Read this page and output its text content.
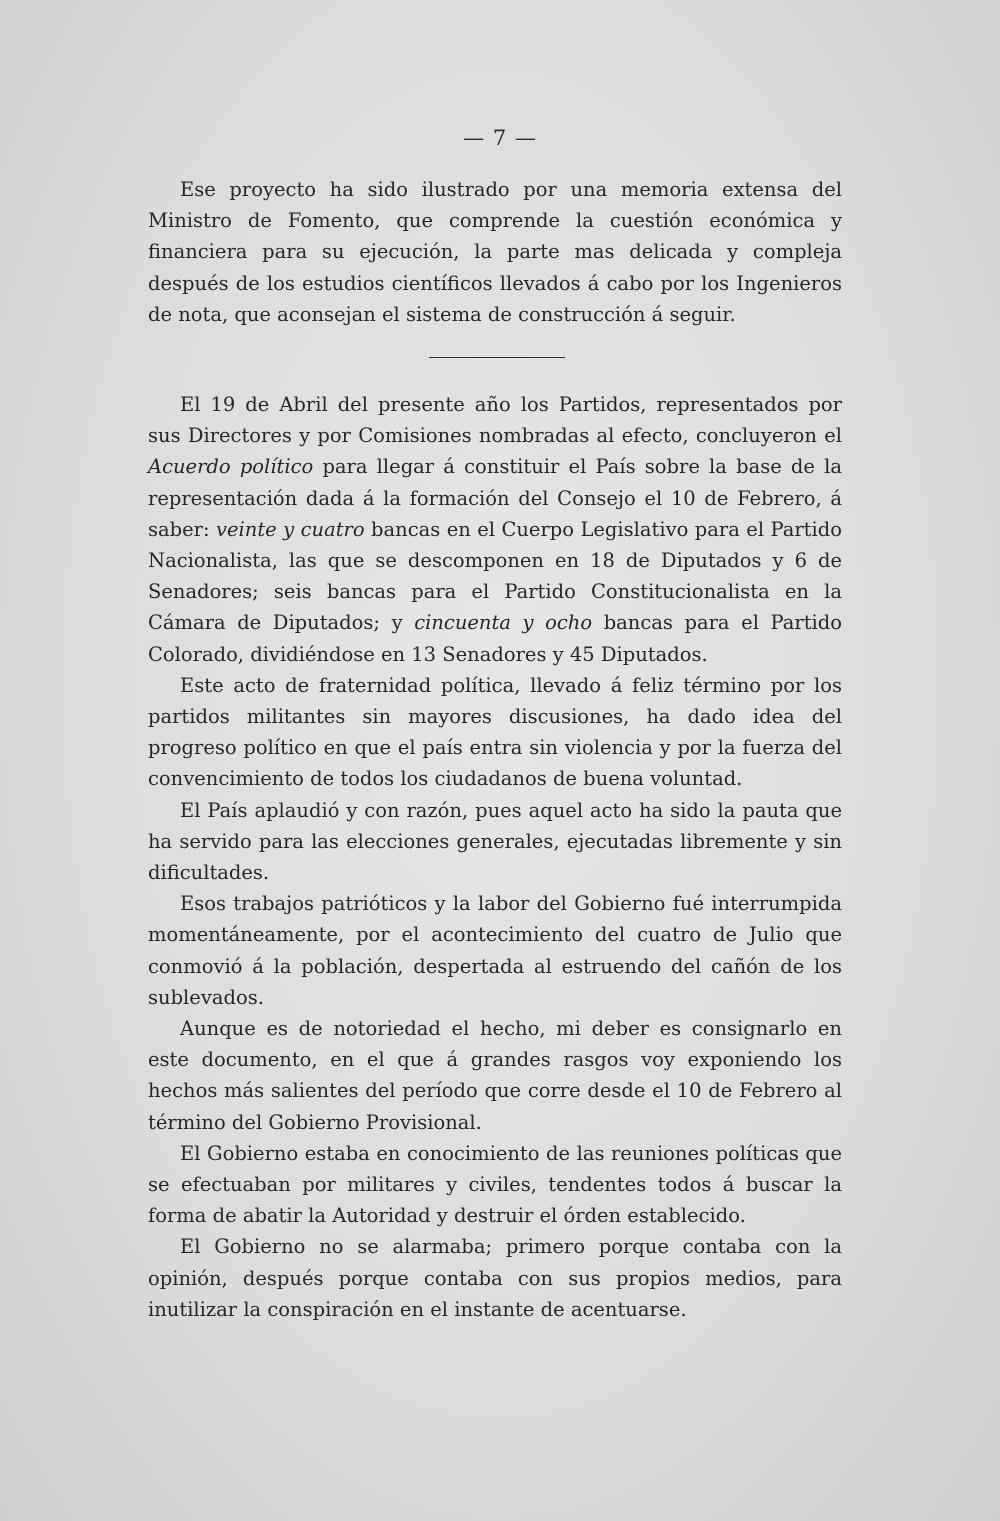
— 7 —

Ese proyecto ha sido ilustrado por una memoria extensa del Ministro de Fomento, que comprende la cuestión económica y financiera para su ejecución, la parte mas delicada y compleja después de los estudios científicos llevados á cabo por los Ingenieros de nota, que aconsejan el sistema de construcción á seguir.

El 19 de Abril del presente año los Partidos, representados por sus Directores y por Comisiones nombradas al efecto, concluyeron el Acuerdo político para llegar á constituir el País sobre la base de la representación dada á la formación del Consejo el 10 de Febrero, á saber: veinte y cuatro bancas en el Cuerpo Legislativo para el Partido Nacionalista, las que se descomponen en 18 de Diputados y 6 de Senadores; seis bancas para el Partido Constitucionalista en la Cámara de Diputados; y cincuenta y ocho bancas para el Partido Colorado, dividiéndose en 13 Senadores y 45 Diputados.

Este acto de fraternidad política, llevado á feliz término por los partidos militantes sin mayores discusiones, ha dado idea del progreso político en que el país entra sin violencia y por la fuerza del convencimiento de todos los ciudadanos de buena voluntad.

El País aplaudió y con razón, pues aquel acto ha sido la pauta que ha servido para las elecciones generales, ejecutadas libremente y sin dificultades.

Esos trabajos patrióticos y la labor del Gobierno fué interrumpida momentáneamente, por el acontecimiento del cuatro de Julio que conmovió á la población, despertada al estruendo del cañón de los sublevados.

Aunque es de notoriedad el hecho, mi deber es consignarlo en este documento, en el que á grandes rasgos voy exponiendo los hechos más salientes del período que corre desde el 10 de Febrero al término del Gobierno Provisional.

El Gobierno estaba en conocimiento de las reuniones políticas que se efectuaban por militares y civiles, tendentes todos á buscar la forma de abatir la Autoridad y destruir el órden establecido.

El Gobierno no se alarmaba; primero porque contaba con la opinión, después porque contaba con sus propios medios, para inutilizar la conspiración en el instante de acentuarse.
